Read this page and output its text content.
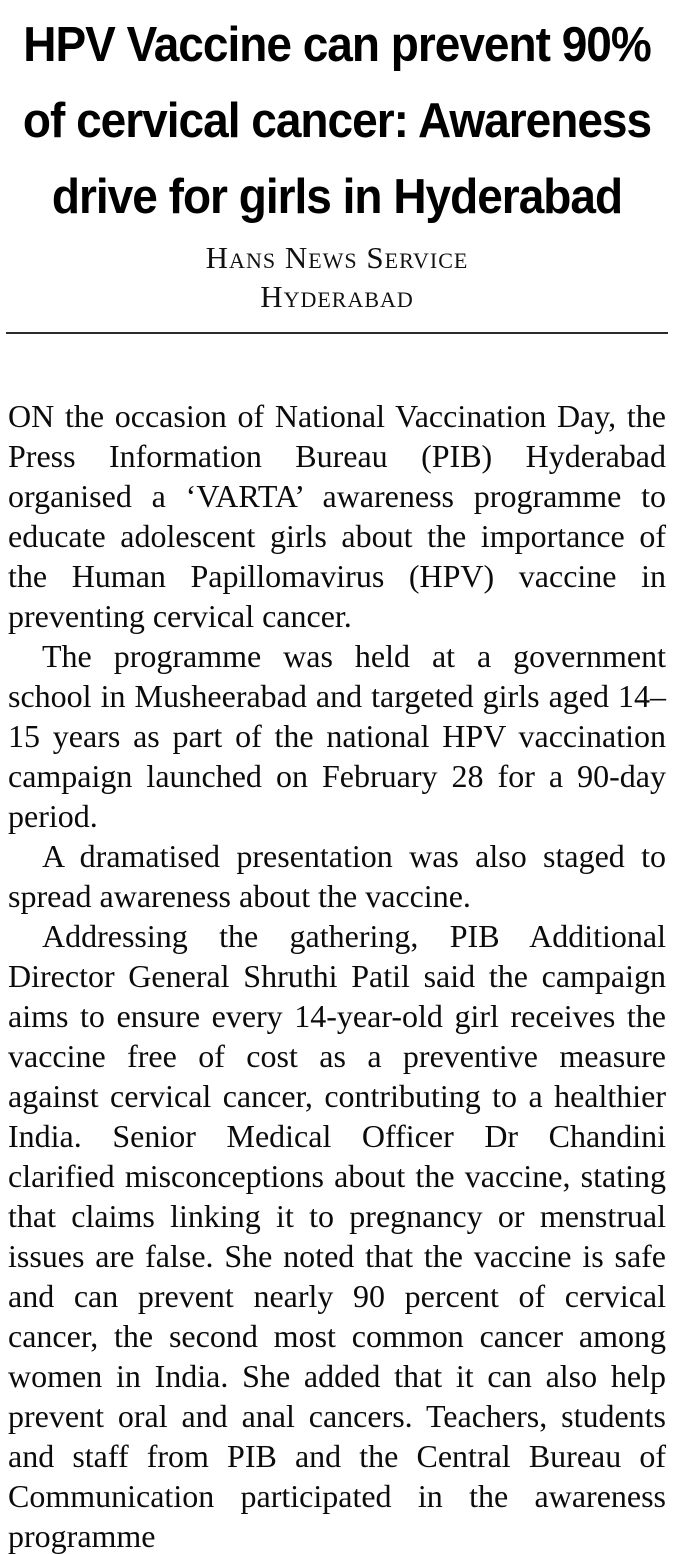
HPV Vaccine can prevent 90%
of cervical cancer: Awareness
drive for girls in Hyderabad
Hans News Service
Hyderabad

ON the occasion of National Vaccination Day, the Press Information Bureau (PIB) Hyderabad organised a ‘VARTA’ awareness programme to educate adolescent girls about the importance of the Human Papillomavirus (HPV) vaccine in preventing cervical cancer.

The programme was held at a government school in Musheerabad and targeted girls aged 14–15 years as part of the national HPV vaccination campaign launched on February 28 for a 90-day period.

A dramatised presentation was also staged to spread awareness about the vaccine.

Addressing the gathering, PIB Additional Director General Shruthi Patil said the campaign aims to ensure every 14-year-old girl receives the vaccine free of cost as a preventive measure against cervical cancer, contributing to a healthier India. Senior Medical Officer Dr Chandini clarified misconceptions about the vaccine, stating that claims linking it to pregnancy or menstrual issues are false. She noted that the vaccine is safe and can prevent nearly 90 percent of cervical cancer, the second most common cancer among women in India. She added that it can also help prevent oral and anal cancers. Teachers, students and staff from PIB and the Central Bureau of Communication participated in the awareness programme
